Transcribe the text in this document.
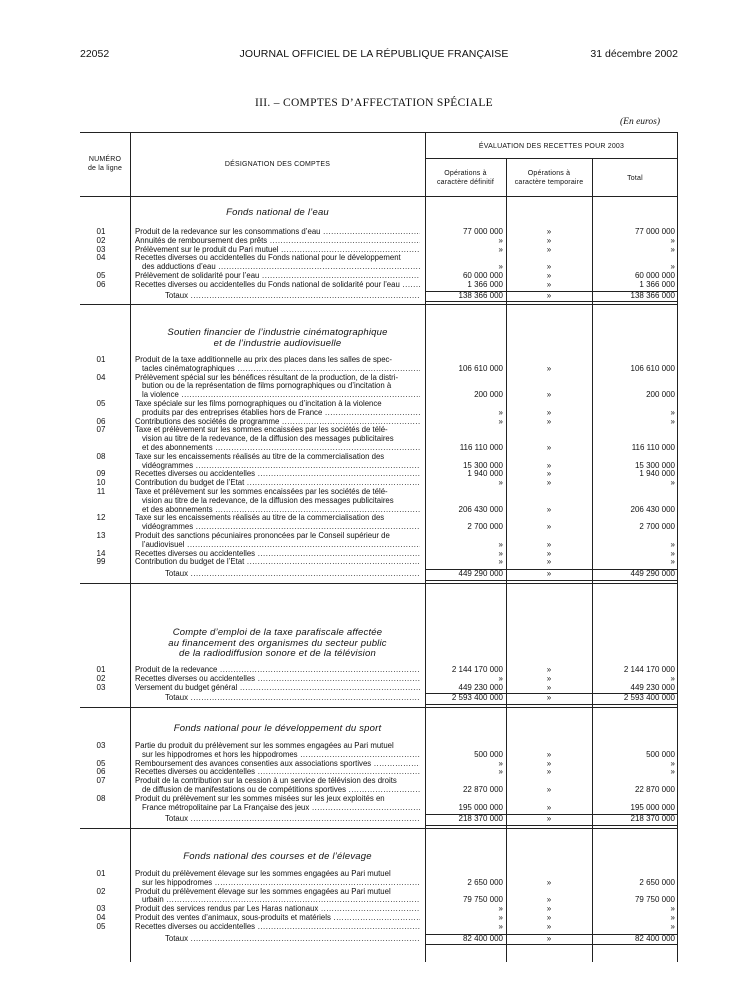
22052	JOURNAL OFFICIEL DE LA RÉPUBLIQUE FRANÇAISE	31 décembre 2002
III. – COMPTES D’AFFECTATION SPÉCIALE
(En euros)
NUMÉRO
de la ligne	DÉSIGNATION DES COMPTES
ÉVALUATION DES RECETTES POUR 2003
Opérations à
caractère définitif
Opérations à
caractère temporaire	Total
Fonds national de l’eau
01	Produit de la redevance sur les consommations d’eau .....	77 000 000	»	77 000 000
02	Annuités de remboursement des prêts .....	»	»	»
03	Prélèvement sur le produit du Pari mutuel .....	»	»	»
04	Recettes diverses ou accidentelles du Fonds national pour le développement
des adductions d’eau .....	»	»	»
05	Prélèvement de solidarité pour l’eau .....	60 000 000	»	60 000 000
06	Recettes diverses ou accidentelles du Fonds national de solidarité pour l’eau .....	1 366 000	»	1 366 000
Totaux .....	138 366 000	»	138 366 000
Soutien financier de l’industrie cinématographique
et de l’industrie audiovisuelle
01	Produit de la taxe additionnelle au prix des places dans les salles de spec-
tacles cinématographiques .....	106 610 000	»	106 610 000
04	Prélèvement spécial sur les bénéfices résultant de la production, de la distri-
bution ou de la représentation de films pornographiques ou d’incitation à
la violence .....	200 000	»	200 000
05	Taxe spéciale sur les films pornographiques ou d’incitation à la violence
produits par des entreprises établies hors de France .....	»	»	»
06	Contributions des sociétés de programme .....	»	»	»
07	Taxe et prélèvement sur les sommes encaissées par les sociétés de télé-
vision au titre de la redevance, de la diffusion des messages publicitaires
et des abonnements .....	116 110 000	»	116 110 000
08	Taxe sur les encaissements réalisés au titre de la commercialisation des
vidéogrammes .....	15 300 000	»	15 300 000
09	Recettes diverses ou accidentelles .....	1 940 000	»	1 940 000
10	Contribution du budget de l’Etat .....	»	»	»
11	Taxe et prélèvement sur les sommes encaissées par les sociétés de télé-
vision au titre de la redevance, de la diffusion des messages publicitaires
et des abonnements .....	206 430 000	»	206 430 000
12	Taxe sur les encaissements réalisés au titre de la commercialisation des
vidéogrammes .....	2 700 000	»	2 700 000
13	Produit des sanctions pécuniaires prononcées par le Conseil supérieur de
l’audiovisuel .....	»	»	»
14	Recettes diverses ou accidentelles .....	»	»	»
99	Contribution du budget de l’Etat .....	»	»	»
Totaux .....	449 290 000	»	449 290 000
Compte d’emploi de la taxe parafiscale affectée
au financement des organismes du secteur public
de la radiodiffusion sonore et de la télévision
01	Produit de la redevance .....	2 144 170 000	»	2 144 170 000
02	Recettes diverses ou accidentelles .....	»	»	»
03	Versement du budget général .....	449 230 000	»	449 230 000
Totaux .....	2 593 400 000	»	2 593 400 000
Fonds national pour le développement du sport
03	Partie du produit du prélèvement sur les sommes engagées au Pari mutuel
sur les hippodromes et hors les hippodromes .....	500 000	»	500 000
05	Remboursement des avances consenties aux associations sportives .....	»	»	»
06	Recettes diverses ou accidentelles .....	»	»	»
07	Produit de la contribution sur la cession à un service de télévision des droits
de diffusion de manifestations ou de compétitions sportives .....	22 870 000	»	22 870 000
08	Produit du prélèvement sur les sommes misées sur les jeux exploités en
France métropolitaine par La Française des jeux .....	195 000 000	»	195 000 000
Totaux .....	218 370 000	»	218 370 000
Fonds national des courses et de l’élevage
01	Produit du prélèvement élevage sur les sommes engagées au Pari mutuel
sur les hippodromes .....	2 650 000	»	2 650 000
02	Produit du prélèvement élevage sur les sommes engagées au Pari mutuel
urbain .....	79 750 000	»	79 750 000
03	Produit des services rendus par Les Haras nationaux .....	»	»	»
04	Produit des ventes d’animaux, sous-produits et matériels .....	»	»	»
05	Recettes diverses ou accidentelles .....	»	»	»
Totaux .....	82 400 000	»	82 400 000
